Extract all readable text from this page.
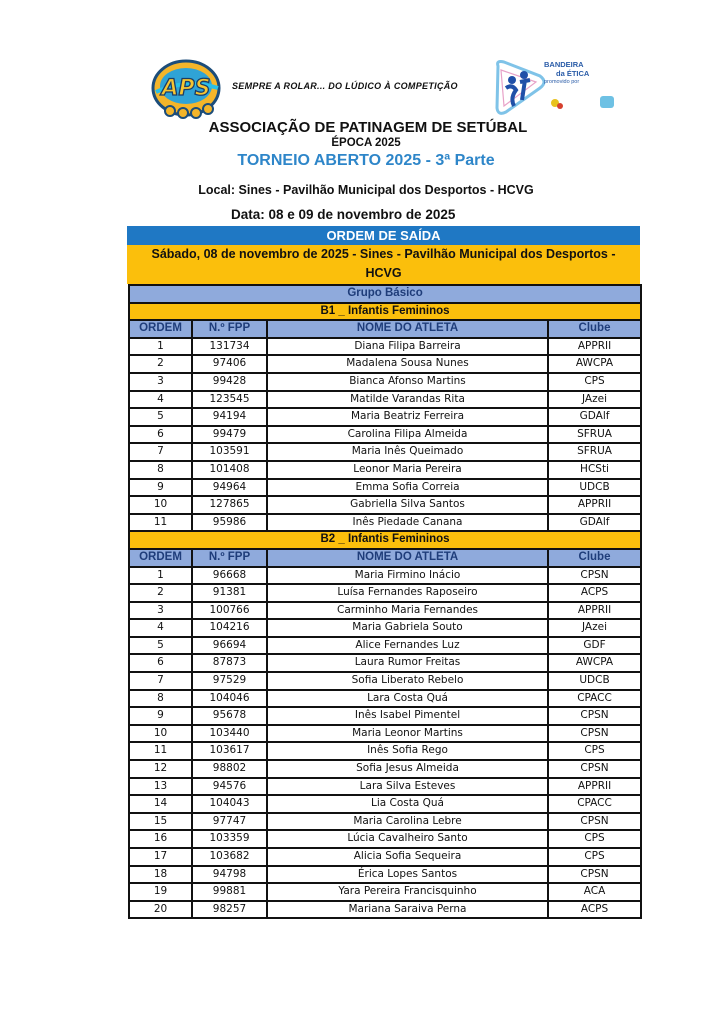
APS SEMPRE A ROLAR... DO LÚDICO À COMPETIÇÃO
BANDEIRA
da ÉTICA
promovido por
ASSOCIAÇÃO DE PATINAGEM DE SETÚBAL
ÉPOCA 2025
TORNEIO ABERTO 2025 - 3ª Parte
Local: Sines - Pavilhão Municipal dos Desportos - HCVG
Data: 08 e 09 de novembro de 2025
ORDEM DE SAÍDA
Sábado, 08 de novembro de 2025 - Sines - Pavilhão Municipal dos Desportos -
HCVG
Grupo Básico			
B1 _ Infantis Femininos			
ORDEM	N.º FPP	NOME DO ATLETA	Clube
1	131734	Diana Filipa Barreira	APPRII
2	97406	Madalena Sousa Nunes	AWCPA
3	99428	Bianca Afonso Martins	CPS
4	123545	Matilde Varandas Rita	JAzei
5	94194	Maria Beatriz Ferreira	GDAlf
6	99479	Carolina Filipa Almeida	SFRUA
7	103591	Maria Inês Queimado	SFRUA
8	101408	Leonor Maria Pereira	HCSti
9	94964	Emma Sofia Correia	UDCB
10	127865	Gabriella Silva Santos	APPRII
11	95986	Inês Piedade Canana	GDAlf
B2 _ Infantis Femininos			
ORDEM	N.º FPP	NOME DO ATLETA	Clube
1	96668	Maria Firmino Inácio	CPSN
2	91381	Luísa Fernandes Raposeiro	ACPS
3	100766	Carminho Maria Fernandes	APPRII
4	104216	Maria Gabriela Souto	JAzei
5	96694	Alice Fernandes Luz	GDF
6	87873	Laura Rumor Freitas	AWCPA
7	97529	Sofia Liberato Rebelo	UDCB
8	104046	Lara Costa Quá	CPACC
9	95678	Inês Isabel Pimentel	CPSN
10	103440	Maria Leonor Martins	CPSN
11	103617	Inês Sofia Rego	CPS
12	98802	Sofia Jesus Almeida	CPSN
13	94576	Lara Silva Esteves	APPRII
14	104043	Lia Costa Quá	CPACC
15	97747	Maria Carolina Lebre	CPSN
16	103359	Lúcia Cavalheiro Santo	CPS
17	103682	Alicia Sofia Sequeira	CPS
18	94798	Érica Lopes Santos	CPSN
19	99881	Yara Pereira Francisquinho	ACA
20	98257	Mariana Saraiva Perna	ACPS
